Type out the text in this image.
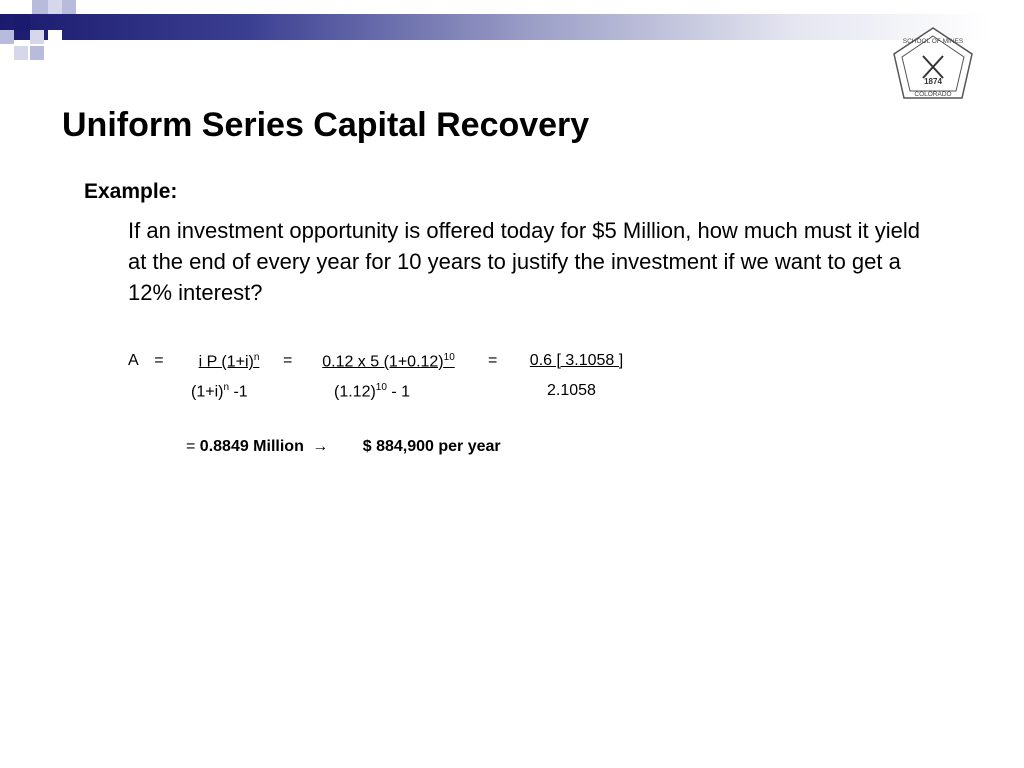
SCHOOL OF MINES
1874
COLORADO
Uniform Series Capital Recovery
Example:
If an investment opportunity is offered today for $5 Million, how much must it yield at the end of every year for 10 years to justify the investment if we want to get a 12% interest?
A =	i P $(1+i)^n$	=	0.12 x 5 $(1+0.12)^{10}$	=	0.6 [ 3.1058 ]
$(1+i)^n$ -1	$(1.12)^{10} - 1$	2.1058
= 0.8849 Million → $ 884,900 per year
